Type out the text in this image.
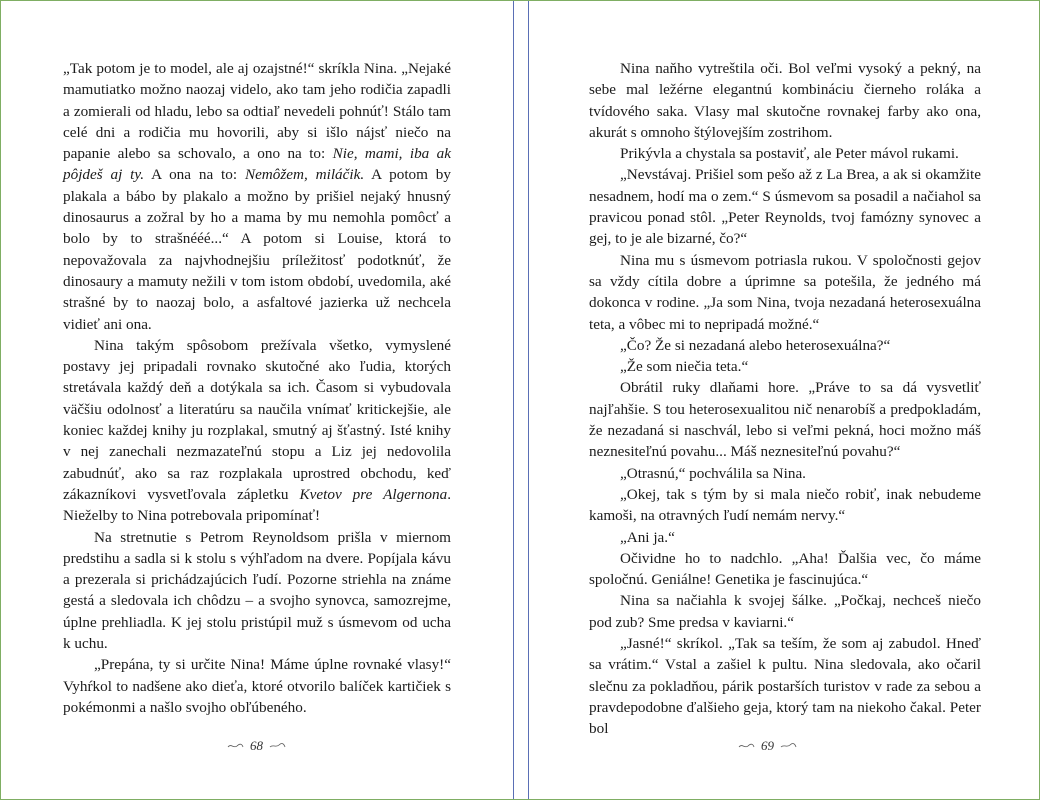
„Tak potom je to model, ale aj ozajstné!“ skríkla Nina. „Nejaké mamutiatko možno naozaj videlo, ako tam jeho rodičia zapadli a zomierali od hladu, lebo sa odtiaľ nevedeli pohnúť! Stálo tam celé dni a rodičia mu hovorili, aby si išlo nájsť niečo na papanie alebo sa schovalo, a ono na to: Nie, mami, iba ak pôjdeš aj ty. A ona na to: Nemôžem, miláčik. A potom by plakala a bábo by plakalo a možno by prišiel nejaký hnusný dinosaurus a zožral by ho a mama by mu nemohla pomôcť a bolo by to strašnééé...“ A potom si Louise, ktorá to nepovažovala za najvhodnejšiu príležitosť podotknúť, že dinosaury a mamuty nežili v tom istom období, uvedomila, aké strašné by to naozaj bolo, a asfaltové jazierka už nechcela vidieť ani ona.

Nina takým spôsobom prežívala všetko, vymyslené postavy jej pripadali rovnako skutočné ako ľudia, ktorých stretávala každý deň a dotýkala sa ich. Časom si vybudovala väčšiu odolnosť a literatúru sa naučila vnímať kritickejšie, ale koniec každej knihy ju rozplakal, smutný aj šťastný. Isté knihy v nej zanechali nezmazateľnú stopu a Liz jej nedovolila zabudnúť, ako sa raz rozplakala uprostred obchodu, keď zákazníkovi vysvetľovala zápletku Kvetov pre Algernona. Nieželby to Nina potrebovala pripomínať!

Na stretnutie s Petrom Reynoldsom prišla v miernom predstihu a sadla si k stolu s výhľadom na dvere. Popíjala kávu a prezerala si prichádzajúcich ľudí. Pozorne striehla na známe gestá a sledovala ich chôdzu – a svojho synovca, samozrejme, úplne prehliadla. K jej stolu pristúpil muž s úsmevom od ucha k uchu.

„Prepána, ty si určite Nina! Máme úplne rovnaké vlasy!“ Vyhŕkol to nadšene ako dieťa, ktoré otvorilo balíček kartičiek s pokémonmi a našlo svojho obľúbeného.

68

Nina naňho vytreštila oči. Bol veľmi vysoký a pekný, na sebe mal ležérne elegantnú kombináciu čierneho roláka a tvídového saka. Vlasy mal skutočne rovnakej farby ako ona, akurát s omnoho štýlovejším zostrihom.

Prikývla a chystala sa postaviť, ale Peter mávol rukami.

„Nevstávaj. Prišiel som pešo až z La Brea, a ak si okamžite nesadnem, hodí ma o zem.“ S úsmevom sa posadil a načiahol sa pravicou ponad stôl. „Peter Reynolds, tvoj famózny synovec a gej, to je ale bizarné, čo?“

Nina mu s úsmevom potriasla rukou. V spoločnosti gejov sa vždy cítila dobre a úprimne sa potešila, že jedného má dokonca v rodine. „Ja som Nina, tvoja nezadaná heterosexuálna teta, a vôbec mi to nepripadá možné.“

„Čo? Že si nezadaná alebo heterosexuálna?“

„Že som niečia teta.“

Obrátil ruky dlaňami hore. „Práve to sa dá vysvetliť najľahšie. S tou heterosexualitou nič nenarobíš a predpokladám, že nezadaná si naschvál, lebo si veľmi pekná, hoci možno máš neznesiteľnú povahu... Máš neznesiteľnú povahu?“

„Otrasnú,“ pochválila sa Nina.

„Okej, tak s tým by si mala niečo robiť, inak nebudeme kamoši, na otravných ľudí nemám nervy.“

„Ani ja.“

Očividne ho to nadchlo. „Aha! Ďalšia vec, čo máme spoločnú. Geniálne! Genetika je fascinujúca.“

Nina sa načiahla k svojej šálke. „Počkaj, nechceš niečo pod zub? Sme predsa v kaviarni.“

„Jasné!“ skríkol. „Tak sa teším, že som aj zabudol. Hneď sa vrátim.“ Vstal a zašiel k pultu. Nina sledovala, ako očaril slečnu za pokladňou, párik postarších turistov v rade za sebou a pravdepodobne ďalšieho geja, ktorý tam na niekoho čakal. Peter bol

69
